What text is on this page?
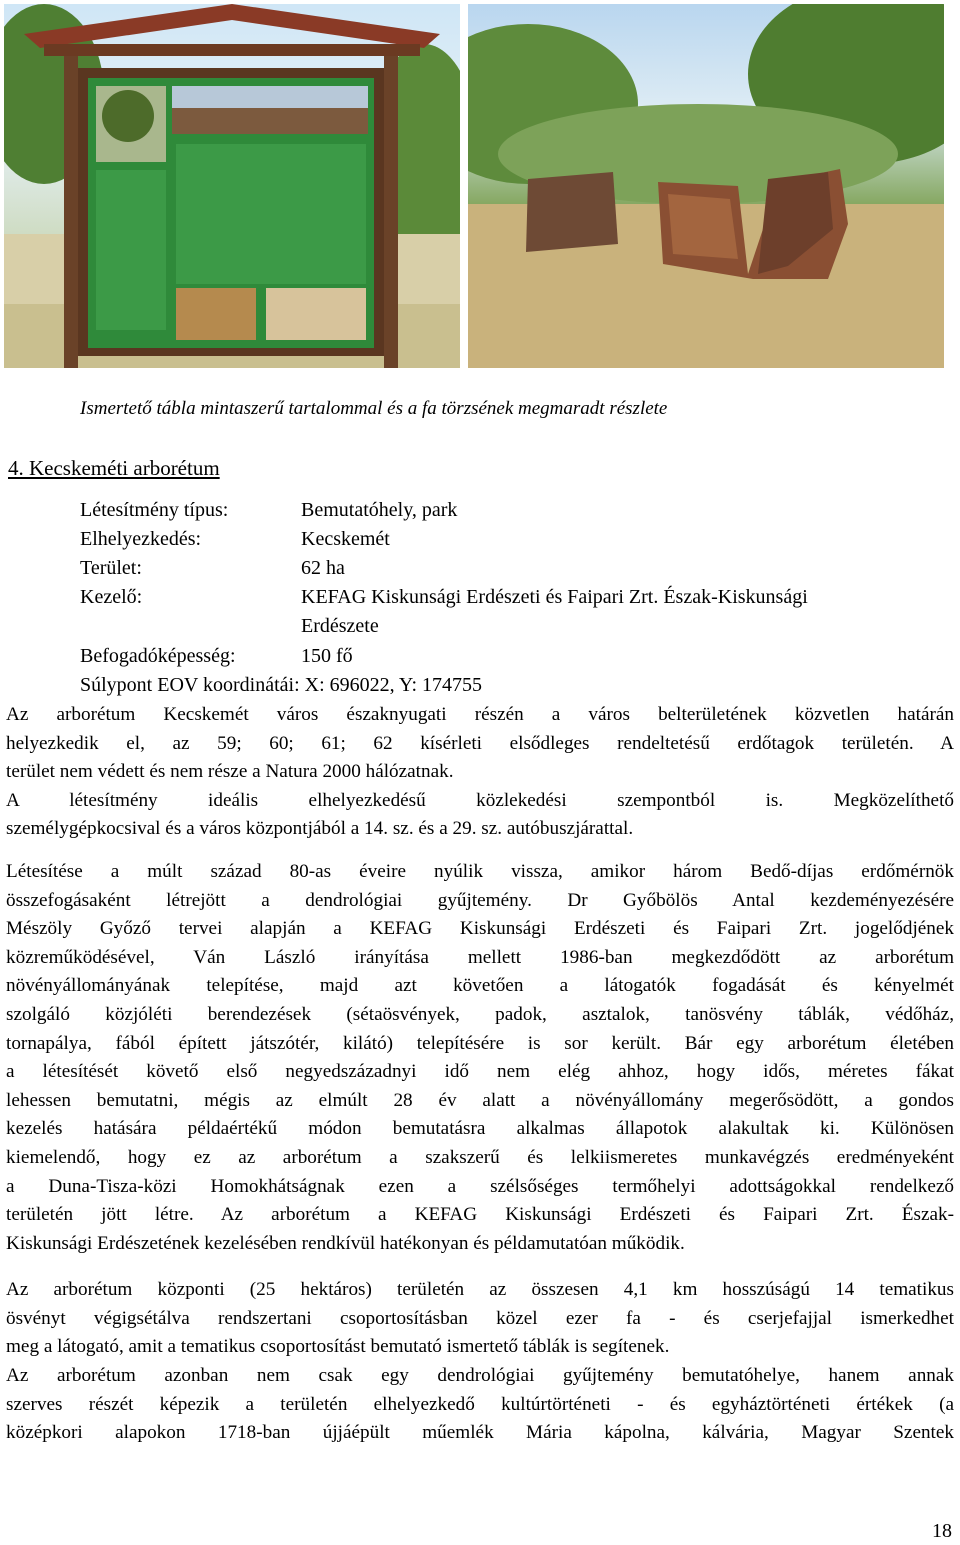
Ismertető tábla mintaszerű tartalommal és a fa törzsének megmaradt részlete
4. Kecskeméti arborétum
Létesítmény típus:	Bemutatóhely, park
Elhelyezkedés:	Kecskemét
Terület:	62 ha
Kezelő:	KEFAG Kiskunsági Erdészeti és Faipari Zrt. Észak-Kiskunsági
Erdészete
Befogadóképesség:	150 fő
Súlypont EOV koordinátái: X: 696022, Y: 174755
Az arborétum Kecskemét város északnyugati részén a város belterületének közvetlen határán
helyezkedik el, az 59; 60; 61; 62 kísérleti elsődleges rendeltetésű erdőtagok területén. A
terület nem védett és nem része a Natura 2000 hálózatnak.
A létesítmény ideális elhelyezkedésű közlekedési szempontból is. Megközelíthető
személygépkocsival és a város központjából a 14. sz. és a 29. sz. autóbuszjárattal.
Létesítése a múlt század 80-as éveire nyúlik vissza, amikor három Bedő-díjas erdőmérnök
összefogásaként létrejött a dendrológiai gyűjtemény. Dr Győbölös Antal kezdeményezésére
Mészöly Győző tervei alapján a KEFAG Kiskunsági Erdészeti és Faipari Zrt. jogelődjének
közreműködésével, Ván László irányítása mellett 1986-ban megkezdődött az arborétum
növényállományának telepítése, majd azt követően a látogatók fogadását és kényelmét
szolgáló közjóléti berendezések (sétaösvények, padok, asztalok, tanösvény táblák, védőház,
tornapálya, fából épített játszótér, kilátó) telepítésére is sor került. Bár egy arborétum életében
a létesítését követő első negyedszázadnyi idő nem elég ahhoz, hogy idős, méretes fákat
lehessen bemutatni, mégis az elmúlt 28 év alatt a növényállomány megerősödött, a gondos
kezelés hatására példaértékű módon bemutatásra alkalmas állapotok alakultak ki. Különösen
kiemelendő, hogy ez az arborétum a szakszerű és lelkiismeretes munkavégzés eredményeként
a Duna-Tisza-közi Homokhátságnak ezen a szélsőséges termőhelyi adottságokkal rendelkező
területén jött létre. Az arborétum a KEFAG Kiskunsági Erdészeti és Faipari Zrt. Észak-
Kiskunsági Erdészetének kezelésében rendkívül hatékonyan és példamutatóan működik.
Az arborétum központi (25 hektáros) területén az összesen 4,1 km hosszúságú 14 tematikus
ösvényt végigsétálva rendszertani csoportosításban közel ezer fa - és cserjefajjal ismerkedhet
meg a látogató, amit a tematikus csoportosítást bemutató ismertető táblák is segítenek.
Az arborétum azonban nem csak egy dendrológiai gyűjtemény bemutatóhelye, hanem annak
szerves részét képezik a területén elhelyezkedő kultúrtörténeti - és egyháztörténeti értékek (a
középkori alapokon 1718-ban újjáépült műemlék Mária kápolna, kálvária, Magyar Szentek
18
